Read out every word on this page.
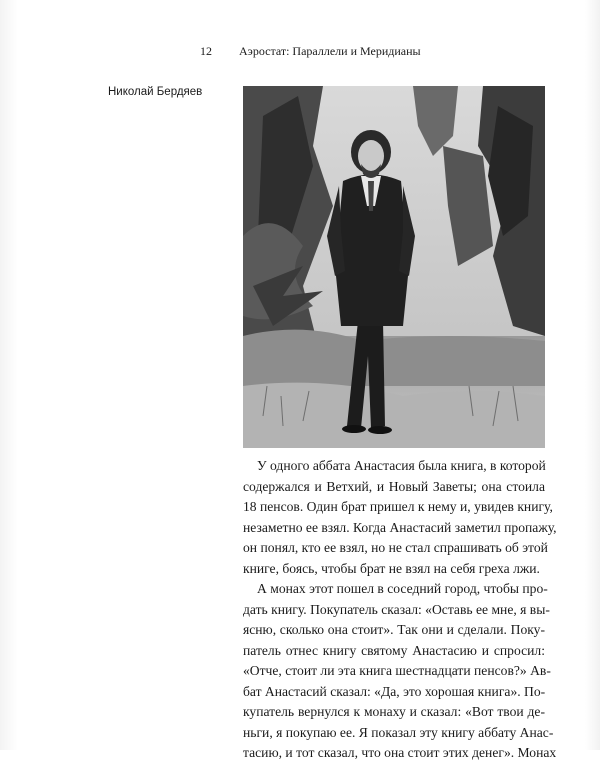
12 Аэростат: Параллели и Меридианы
Николай Бердяев
У одного аббата Анастасия была книга, в которой
содержался и Ветхий, и Новый Заветы; она стоила
18 пенсов. Один брат пришел к нему и, увидев книгу,
незаметно ее взял. Когда Анастасий заметил пропажу,
он понял, кто ее взял, но не стал спрашивать об этой
книге, боясь, чтобы брат не взял на себя греха лжи.
А монах этот пошел в соседний город, чтобы про-
дать книгу. Покупатель сказал: «Оставь ее мне, я вы-
ясню, сколько она стоит». Так они и сделали. Поку-
патель отнес книгу святому Анастасию и спросил:
«Отче, стоит ли эта книга шестнадцати пенсов?» Ав-
бат Анастасий сказал: «Да, это хорошая книга». По-
купатель вернулся к монаху и сказал: «Вот твои де-
ньги, я покупаю ее. Я показал эту книгу аббату Анас-
тасию, и тот сказал, что она стоит этих денег». Монах
